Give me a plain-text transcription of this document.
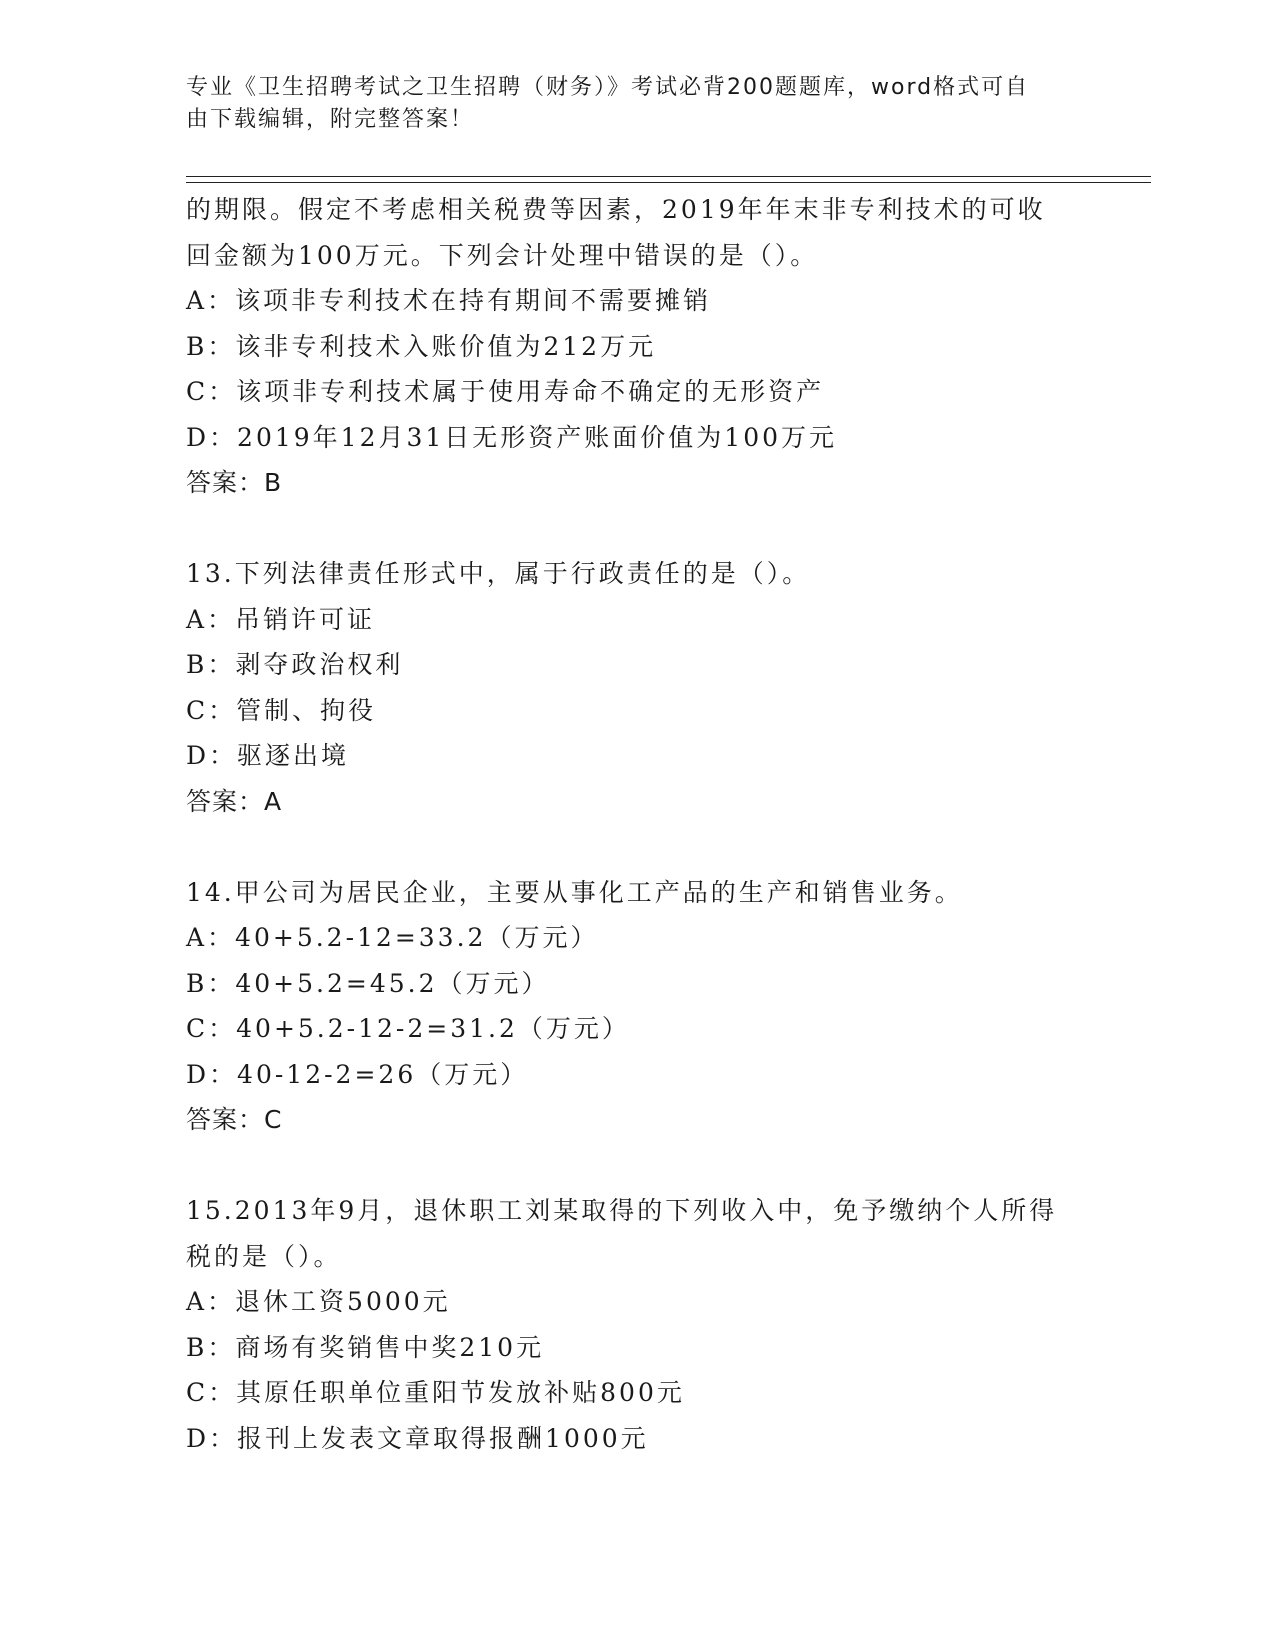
专业《卫生招聘考试之卫生招聘（财务）》考试必背200题题库，word格式可自
由下载编辑，附完整答案！
的期限。假定不考虑相关税费等因素，2019年年末非专利技术的可收
回金额为100万元。下列会计处理中错误的是（）。
A：该项非专利技术在持有期间不需要摊销
B：该非专利技术入账价值为212万元
C：该项非专利技术属于使用寿命不确定的无形资产
D：2019年12月31日无形资产账面价值为100万元
答案：B
13.下列法律责任形式中，属于行政责任的是（）。
A：吊销许可证
B：剥夺政治权利
C：管制、拘役
D：驱逐出境
答案：A
14.甲公司为居民企业，主要从事化工产品的生产和销售业务。
A：40+5.2-12=33.2（万元）
B：40+5.2=45.2（万元）
C：40+5.2-12-2=31.2（万元）
D：40-12-2=26（万元）
答案：C
15.2013年9月，退休职工刘某取得的下列收入中，免予缴纳个人所得
税的是（）。
A：退休工资5000元
B：商场有奖销售中奖210元
C：其原任职单位重阳节发放补贴800元
D：报刊上发表文章取得报酬1000元
